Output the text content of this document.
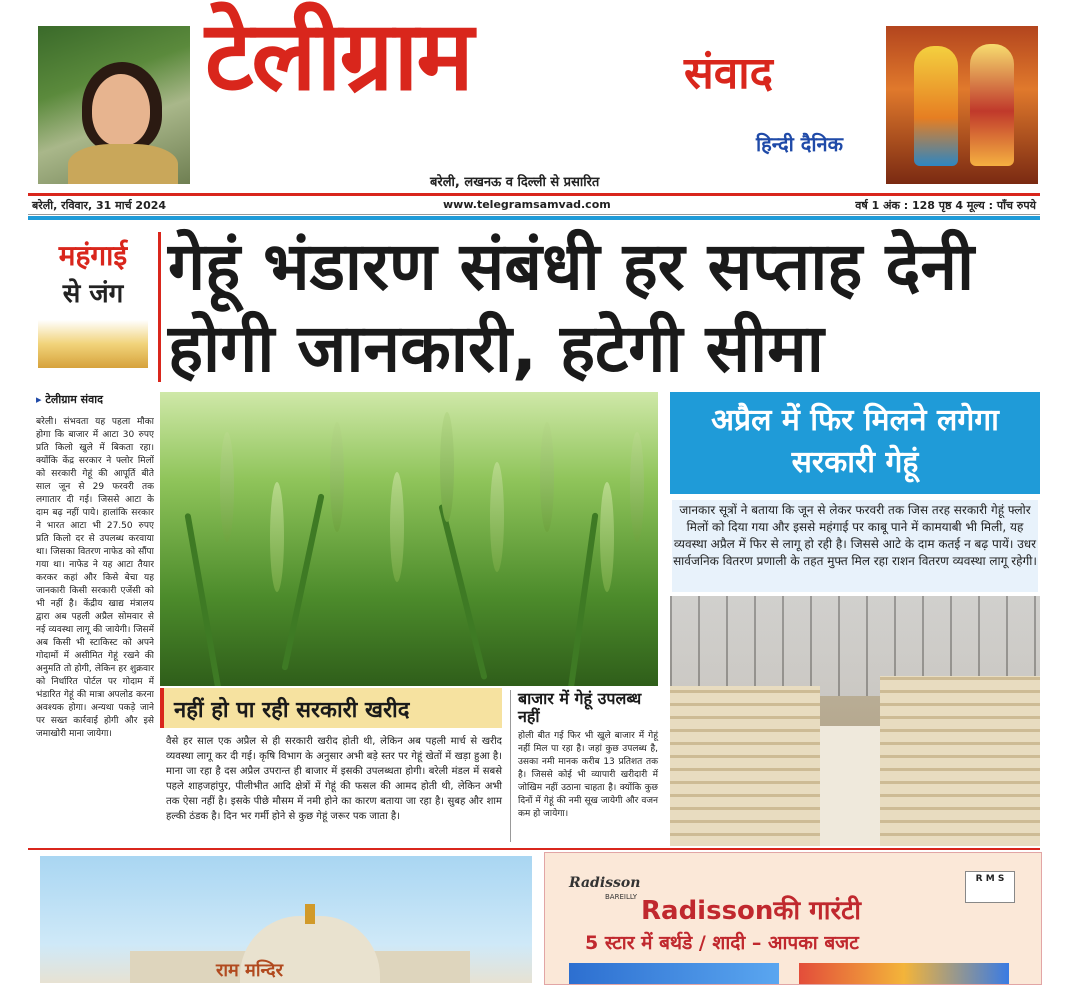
टेलीग्राम	संवाद
हिन्दी दैनिक
बरेली, लखनऊ व दिल्ली से प्रसारित
बरेली, रविवार, 31 मार्च 2024	www.telegramsamvad.com	वर्ष 1 अंक : 128 पृष्ठ 4 मूल्य : पाँच रुपये
महंगाई
से जंग गेहूं भंडारण संबंधी हर सप्ताह देनी होगी जानकारी, हटेगी सीमा
▸ टेलीग्राम संवाद
बरेली। संभवता यह पहला मौका होगा कि बाजार में आटा 30 रुपए प्रति किलो खुले में बिकता रहा। क्योंकि केंद्र सरकार ने फ्लोर मिलों को सरकारी गेहूं की आपूर्ति बीते साल जून से 29 फरवरी तक लगातार दी गई। जिससे आटा के दाम बढ़ नहीं पाये। हालांकि सरकार ने भारत आटा भी 27.50 रुपए प्रति किलो दर से उपलब्ध करवाया था। जिसका वितरण नाफेड को सौंपा गया था। नाफेड ने यह आटा तैयार करकर कहां और किसे बेचा यह जानकारी किसी सरकारी एजेंसी को भी नहीं है। केंद्रीय खाद्य मंत्रालय द्वारा अब पहली अप्रैल सोमवार से नई व्यवस्था लागू की जायेगी। जिसमें अब किसी भी स्टाकिस्ट को अपने गोदामों में असीमित गेहूं रखने की अनुमति तो होगी, लेकिन हर शुक्रवार को निर्धारित पोर्टल पर गोदाम में भंडारित गेहूं की मात्रा अपलोड करना अवश्यक होगा। अन्यथा पकड़े जाने पर सख्त कार्रवाई होगी और इसे जमाखोरी माना जायेगा।
नहीं हो पा रही सरकारी खरीद
वैसे हर साल एक अप्रैल से ही सरकारी खरीद होती थी, लेकिन अब पहली मार्च से खरीद व्यवस्था लागू कर दी गई। कृषि विभाग के अनुसार अभी बड़े स्तर पर गेहूं खेतों में खड़ा हुआ है। माना जा रहा है दस अप्रैल उपरान्त ही बाजार में इसकी उपलब्धता होगी। बरेली मंडल में सबसे पहले शाहजहांपुर, पीलीभीत आदि क्षेत्रों में गेहूं की फसल की आमद होती थी, लेकिन अभी तक ऐसा नहीं है। इसके पीछे मौसम में नमी होने का कारण बताया जा रहा है। सुबह और शाम हल्की ठंडक है। दिन भर गर्मी होने से कुछ गेहूं जरूर पक जाता है।
बाजार में गेहूं उपलब्ध नहीं
होली बीत गई फिर भी खुले बाजार में गेहूं नहीं मिल पा रहा है। जहां कुछ उपलब्ध है, उसका नमी मानक करीब 13 प्रतिशत तक है। जिससे कोई भी व्यापारी खरीदारी में जोखिम नहीं उठाना चाहता है। क्योंकि कुछ दिनों में गेहूं की नमी सूख जायेगी और वजन कम हो जायेगा।
अप्रैल में फिर मिलने लगेगा सरकारी गेहूं
जानकार सूत्रों ने बताया कि जून से लेकर फरवरी तक जिस तरह सरकारी गेहूं फ्लोर मिलों को दिया गया और इससे महंगाई पर काबू पाने में कामयाबी भी मिली, यह व्यवस्था अप्रैल में फिर से लागू हो रही है। जिससे आटे के दाम कतई न बढ़ पायें। उधर सार्वजनिक वितरण प्रणाली के तहत मुफ्त मिल रहा राशन वितरण व्यवस्था लागू रहेगी।
राम मन्दिर
Radisson
BAREILLY
R M S
Radissonकी गारंटी
5 स्टार में बर्थडे / शादी – आपका बजट
